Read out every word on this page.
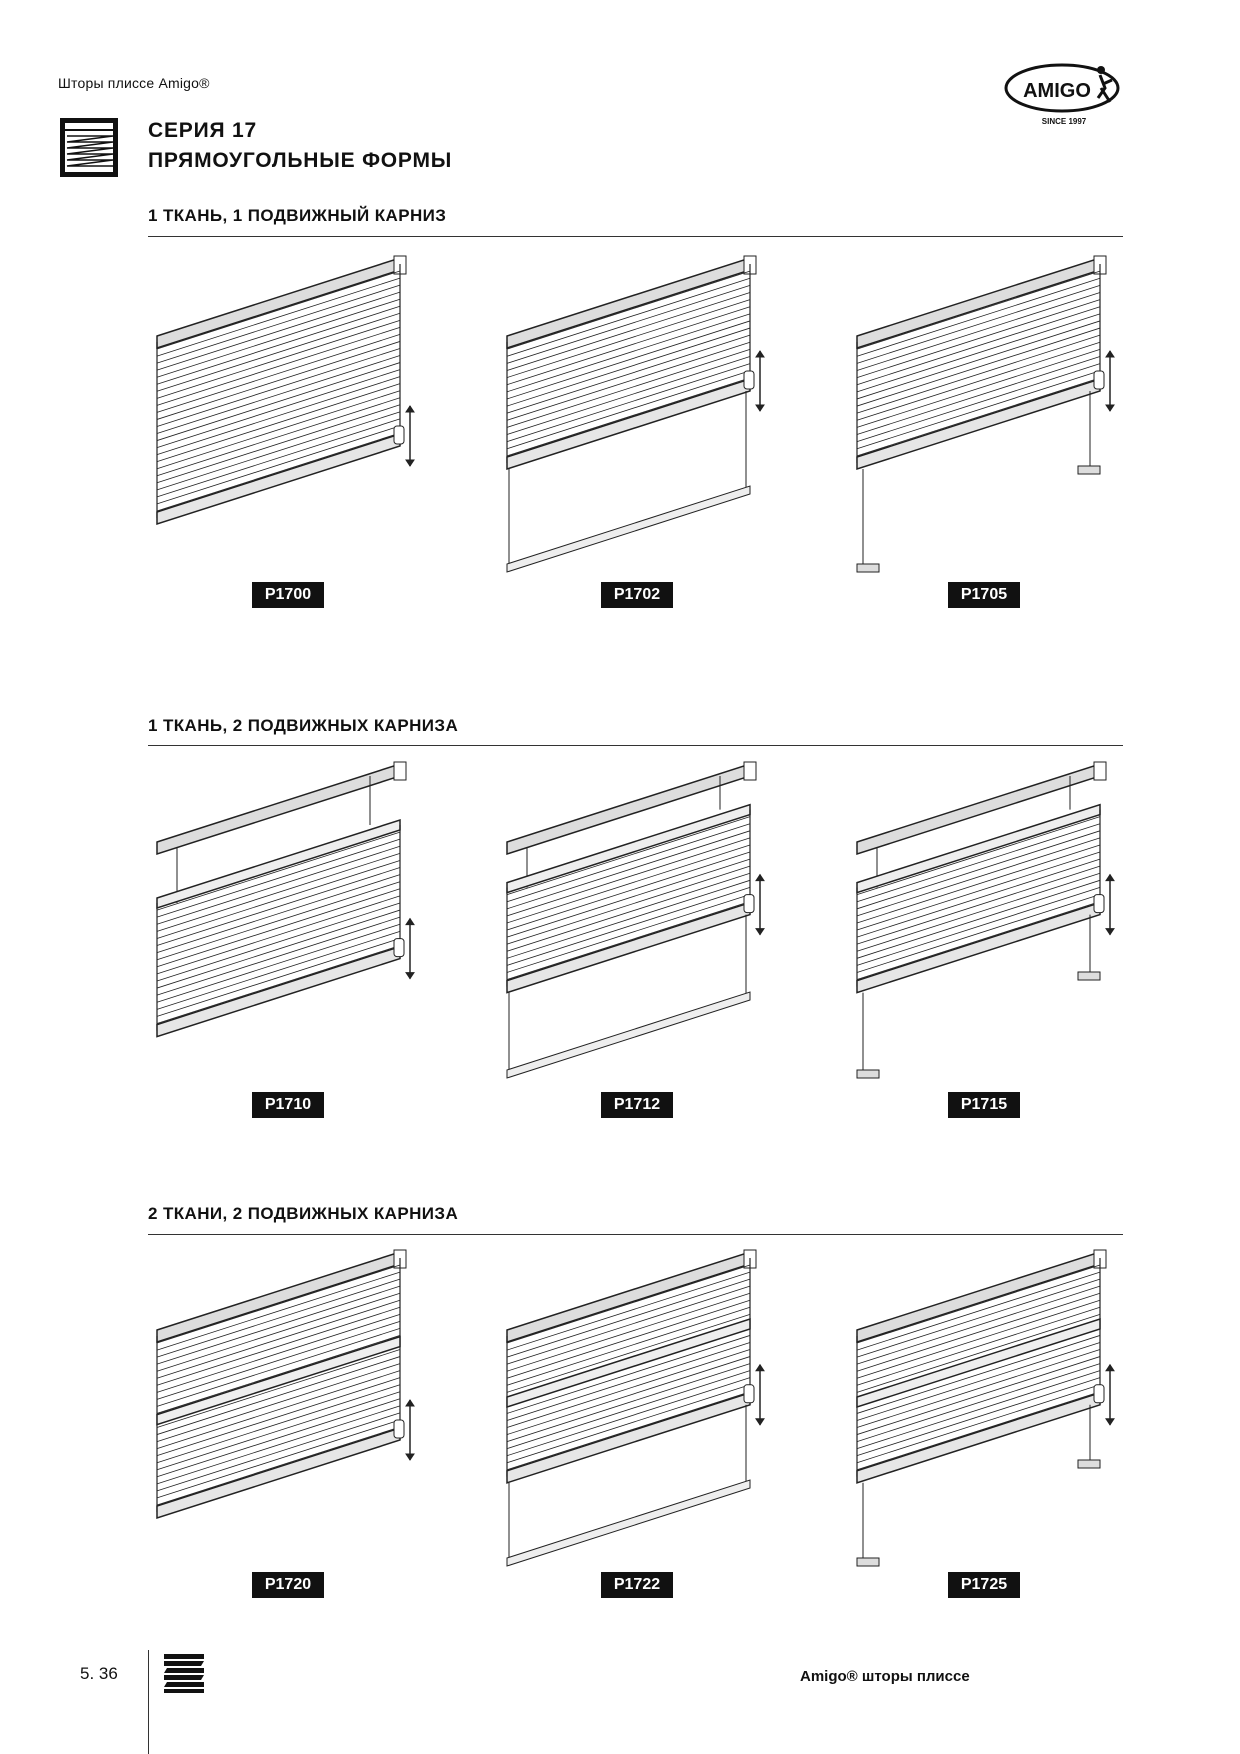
Шторы плиссе Amigo®
СЕРИЯ 17
ПРЯМОУГОЛЬНЫЕ ФОРМЫ
AMIGO
SINCE 1997
1 ТКАНЬ, 1 ПОДВИЖНЫЙ КАРНИЗ
P1700	P1702	P1705
1 ТКАНЬ, 2 ПОДВИЖНЫХ КАРНИЗА
P1710	P1712	P1715
2 ТКАНИ, 2 ПОДВИЖНЫХ КАРНИЗА
P1720	P1722	P1725
5. 36	Amigo® шторы плиссе
